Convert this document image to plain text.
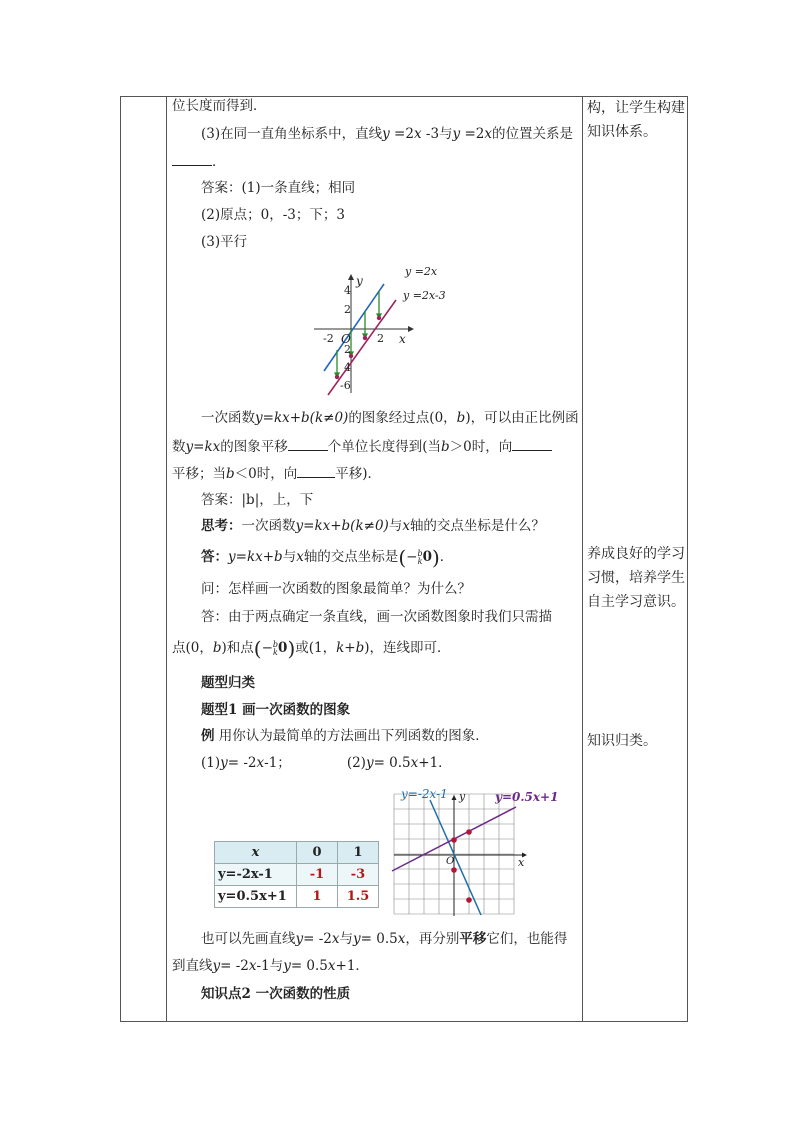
位长度而得到．
(3)在同一直角坐标系中，直线y =2x -3与y =2x的位置关系是
．
答案：(1)一条直线；相同
(2)原点；0，-3；下；3
(3)平行
y =2x
y =2x-3
x
y
O
4
2
2
4
-6
-2	2
一次函数y=kx+b(k≠0)的图象经过点(0，b)，可以由正比例函
数y=kx的图象平移	个单位长度得到(当b＞0时，向
平移；当b＜0时，向	平移)．
答案：|b|，上，下
思考：一次函数y=kx+b(k≠0)与x轴的交点坐标是什么？
答：y=kx+b与x轴的交点坐标是(−b
k0)．
问：怎样画一次函数的图象最简单？为什么？
答：由于两点确定一条直线，画一次函数图象时我们只需描
点(0，b)和点(−b
k0)或(1，k+b)，连线即可．
题型归类
题型1 画一次函数的图象
例 用你认为最简单的方法画出下列函数的图象．
(1)y= -2x-1；	(2)y= 0.5x+1．
x	0	1
y=-2x-1	-1	-3
y=0.5x+1	1	1.5
y=-2x-1	y=0.5x+1
y
x
O
也可以先画直线y= -2x与y= 0.5x，再分别平移它们，也能得
到直线y= -2x-1与y= 0.5x+1．
知识点2 一次函数的性质
构，让学生构建知识体系。
养成良好的学习习惯，培养学生自主学习意识。
知识归类。
